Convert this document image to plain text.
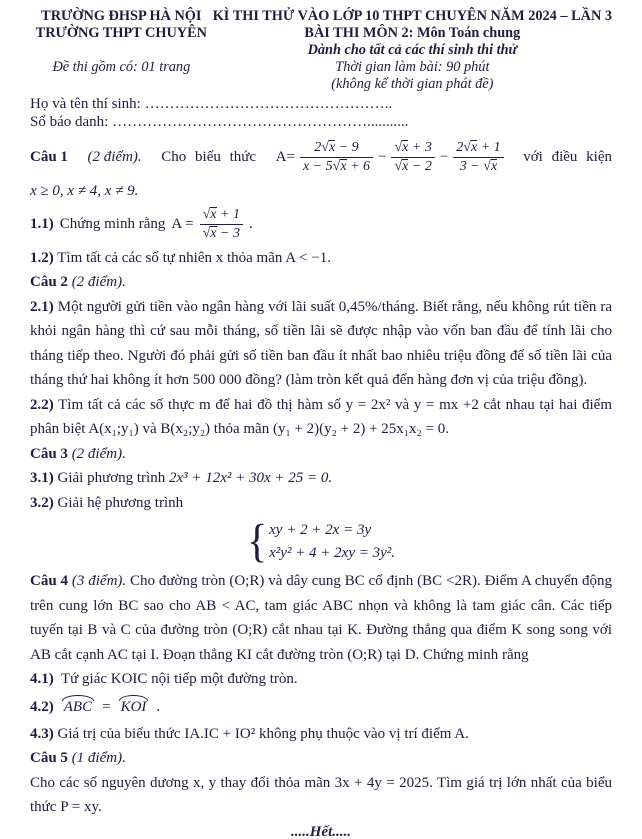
TRƯỜNG ĐHSP HÀ NỘI
TRƯỜNG THPT CHUYÊN
Đề thi gồm có: 01 trang
KÌ THI THỬ VÀO LỚP 10 THPT CHUYÊN NĂM 2024 – LẦN 3
BÀI THI MÔN 2: Môn Toán chung
Dành cho tất cả các thí sinh thi thử
Thời gian làm bài: 90 phút
(không kể thời gian phát đề)
Họ và tên thí sinh: …………………………………………..
Số báo danh: ……………………………………………...........
Câu 1 (2 điểm). Cho biểu thức $A= \frac{2√x - 9}{x - 5√x + 6} - \frac{√x + 3}{√x - 2} - \frac{2√x + 1}{3 - √x}$ với điều kiện

x ≥ 0, x ≠ 4, x ≠ 9.

1.1) Chứng minh rằng $A = \frac{√x + 1}{√x - 3}$ .

1.2) Tìm tất cả các số tự nhiên x thỏa mãn A < −1.

Câu 2 (2 điểm).

2.1) Một người gửi tiền vào ngân hàng với lãi suất 0,45%/tháng. Biết rằng, nếu không rút tiền ra khỏi ngân hàng thì cứ sau mỗi tháng, số tiền lãi sẽ được nhập vào vốn ban đầu để tính lãi cho tháng tiếp theo. Người đó phải gửi số tiền ban đầu ít nhất bao nhiêu triệu đồng để số tiền lãi của tháng thứ hai không ít hơn 500 000 đồng? (làm tròn kết quả đến hàng đơn vị của triệu đồng).

2.2) Tìm tất cả các số thực m để hai đồ thị hàm số y = 2x² và y = mx +2 cắt nhau tại hai điểm phân biệt A(x₁;y₁) và B(x₂;y₂) thỏa mãn (y₁ + 2)(y₂ + 2) + 25x₁x₂ = 0.

Câu 3 (2 điểm).

3.1) Giải phương trình 2x³ + 12x² + 30x + 25 = 0.

3.2) Giải hệ phương trình

{ xy + 2 + 2x = 3y
x²y² + 4 + 2xy = 3y².

Câu 4 (3 điểm). Cho đường tròn (O;R) và dây cung BC cố định (BC <2R). Điểm A chuyển động trên cung lớn BC sao cho AB < AC, tam giác ABC nhọn và không là tam giác cân. Các tiếp tuyến tại B và C của đường tròn (O;R) cắt nhau tại K. Đường thẳng qua điểm K song song với AB cắt cạnh AC tại I. Đoạn thẳng KI cắt đường tròn (O;R) tại D. Chứng minh rằng

4.1) Tứ giác KOIC nội tiếp một đường tròn.

4.2) ABC = KOI .

4.3) Giá trị của biểu thức IA.IC + IO² không phụ thuộc vào vị trí điểm A.

Câu 5 (1 điểm).

Cho các số nguyên dương x, y thay đổi thỏa mãn 3x + 4y = 2025. Tìm giá trị lớn nhất của biểu thức P = xy.

.....Hết.....
